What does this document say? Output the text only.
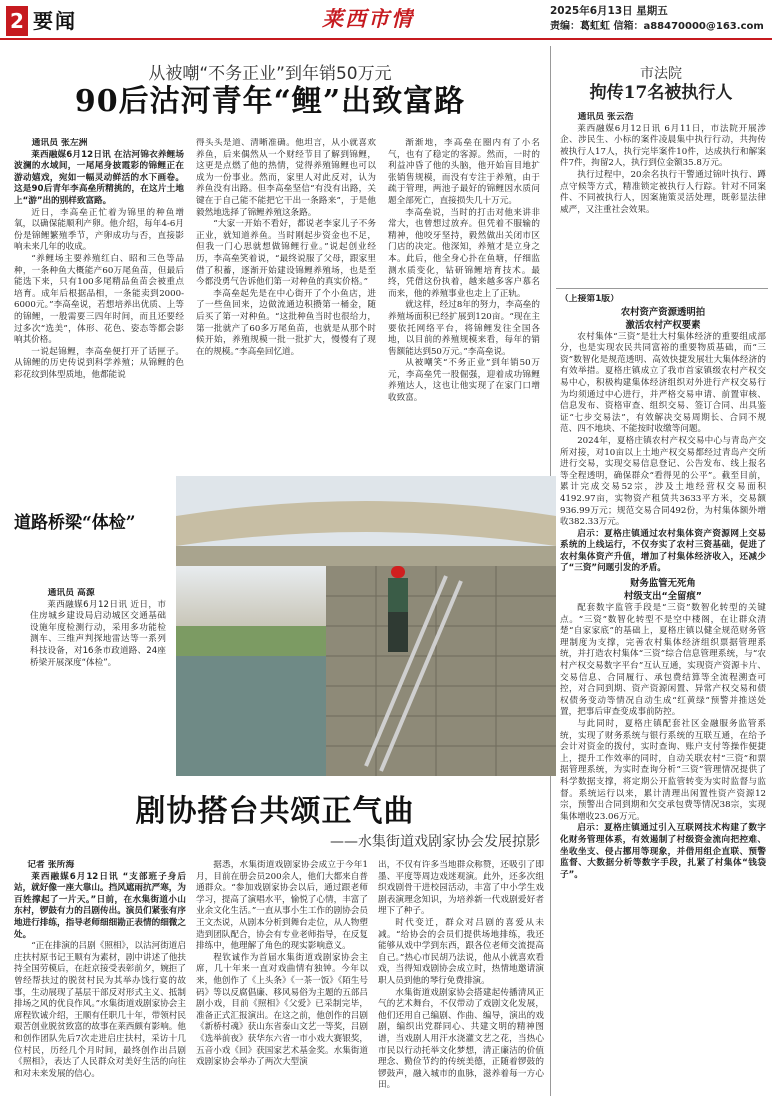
2 要闻	莱西市情	2025年6月13日 星期五
责编：葛虹虹 信箱：a88470000@163.com
从被嘲“不务正业”到年销50万元
90后沽河青年“鲤”出致富路
通讯员 张左洲

莱西融媒6月12日讯 在沽河锦衣养鲤场波澜的水域间，一尾尾身披霞彩的锦鲤正在游动嬉戏，宛如一幅灵动鲜活的水下画卷。这是90后青年李高垒所精挑的，在这片土地上“游”出的别样致富路。

近日，李高垒正忙着为锦里的种鱼增氧，以确保能顺利产卵。他介绍，每年4-6月份是锦鲤繁殖季节，产卵成功与否，直接影响未来几年的收成。

“养鲤场主要养殖红白、昭和三色等品种，一条种鱼大概能产60万尾鱼苗，但最后能选下来，只有100多尾精品鱼苗会被重点培育。成年后根据品相，一条能卖到2000-6000元。”李高垒说，若想培养出优质、上等的锦鲤，一般需要三四年时间，而且还要经过多次“选美”，体形、花色、姿态等都会影响其价格。

一说起锦鲤，李高垒便打开了话匣子。从锦鲤的历史传说到科学养殖；从锦鲤的色彩花纹到体型质地，他都能说

得头头是道、清晰准确。他坦言，从小就喜欢养鱼，后来偶然从一个财经节目了解到锦鲤，这更是点燃了他的热情，觉得养殖锦鲤也可以成为一份事业。然而，家里人对此反对，认为养鱼没有出路。但李高垒坚信“有没有出路，关键在于自己能不能把它干出一条路来”，于是他毅然地选择了锦鲤养殖这条路。

“大家一开始不看好，都说老李家儿子不务正业，就知道养鱼。当时刚起步资金也不足，但我一门心思就想做锦鲤行业。”说起创业经历，李高垒笑着说，“最终说服了父母，跟家里借了积蓄，逐渐开始建设锦鲤养殖场，也是至今都没勇气告诉他们第一对种鱼的真实价格。”

李高垒起先是在中心街开了个小鱼店，进了一些鱼回来，边做流通边积攒第一桶金，随后买了第一对种鱼。“这批种鱼当时也很给力，第一批就产了60多万尾鱼苗，也就是从那个时候开始，养殖规模一批一批扩大，慢慢有了现在的规模。”李高垒回忆道。

渐渐地，李高垒在圈内有了小名气，也有了稳定的客源。然而，一时的利益冲昏了他的头脑，他开始盲目地扩张销售规模，而没有专注于养殖，由于疏于管理，两池子最好的锦鲤因水质问题全部死亡，直接损失几十万元。

李高垒说，当时的打击对他来讲非常大，也曾想过放弃。但凭着不服输的精神，他咬牙坚持，毅然做出关闭市区门店的决定。他深知，养殖才是立身之本。此后，他全身心扑在鱼塘，仔细监测水质变化，钻研锦鲤培育技术。最终，凭借这份执着，越来越多客户慕名而来，他的养殖事业也走上了正轨。

就这样，经过8年的努力，李高垒的养殖场面积已经扩展到120亩。“现在主要依托网络平台，将锦鲤发往全国各地，以目前的养殖规模来看，每年的销售额能达到50万元。”李高垒说。

从被嘲笑“不务正业”到年销50万元，李高垒凭一股倔强，迎着成功锦鲤养殖达人，这也让他实现了在家门口增收致富。

道路桥梁“体检”
通讯员 高源

莱西融媒6月12日讯 近日，市住房城乡建设局启动城区交通基础设施年度检测行动，采用多功能检测车、三维声判探地雷达等一系列科技设备，对16条市政道路、24座桥梁开展深度“体检”。

剧协搭台共颂正气曲
——水集街道戏剧家协会发展掠影
记者 张所海

莱西融媒6月12日讯 “支部班子身后站，就好像一座大靠山。挡风遮雨抗严寒，为百姓撑起了一片天。”日前，在水集街道小山东村，锣鼓有力的吕剧传出。演员们紧张有序地进行排练，指导老师细细勘正表情的细微之处。

“正在排演的吕剧《照相》，以沽河街道启庄扶村原书记王顺有为素材，剧中讲述了他扶持全国劳模后，在赶京接受表彰前夕，婉拒了曾经帮扶过的脱贫村民为其举办饯行宴的故事，生动展现了基层干部反对形式主义、抵制排场之风的优良作风。”水集街道戏剧家协会主席程钦诚介绍，王顺有任职几十年，带领村民艰苦创业脱贫致富的故事在莱西颇有影响。他和创作团队先后7次走进启庄扶村，采访十几位村民，历经几个月时间，最终创作出吕剧《照相》，表达了人民群众对美好生活的向往和对未来发展的信心。

据悉，水集街道戏剧家协会成立于今年1月，目前在册会员200余人，他们大都来自普通群众。“参加戏剧家协会以后，通过跟老师学习，提高了演唱水平，愉悦了心情，丰富了业余文化生活。”一直从事小生工作的剧协会员王文杰说，从剧本分析到舞台走位，从人物塑造到团队配合，协会有专业老师指导，在反复排练中，他理解了角色的现实影响意义。

程钦诚作为首届水集街道戏剧家协会主席，几十年来一直对戏曲情有独钟。今年以来，他创作了《上头条》《一茶一饭》《陌生号码》等以反腐倡廉、移风易俗为主题的五部吕剧小戏，目前《照相》《父爱》已采制完毕，准备正式汇报演出。在这之前，他创作的吕剧《新桥村魂》获山东省泰山文艺一等奖，吕剧《选举前夜》获华东六省一市小戏大赛银奖，五音小戏《回》获国家艺术基金奖。水集街道戏剧家协会举办了两次大型演

出，不仅有许多当地群众称赞，还吸引了即墨、平度等周边戏迷观演。此外，还多次组织戏剧骨干进校园活动，丰富了中小学生戏剧表演理念知识，为培养新一代戏剧爱好者埋下了种子。

时代变迁，群众对吕剧的喜爱从未减。“给协会的会员们提供场地排练，我还能够从戏中学到东西，跟各位老师交流提高自己。”热心市民胡乃法说，他从小就喜欢看戏，当得知戏剧协会成立时，热情地邀请演职人员到他的琴行免费排演。

水集街道戏剧家协会搭建起传播清风正气的艺术舞台，不仅带动了戏剧文化发展，他们还用自己编剧、作曲、编导，演出的戏剧，编织出党群同心、共建文明的精神图谱，当戏剧人用汗水浇灌文艺之花，当热心市民以行动托举文化梦想，清正廉洁的价值理念、勤俭节约的传统美德，正随着锣鼓的锣鼓声，融入城市的血脉，滋养着每一方心田。

市法院
拘传17名被执行人
通讯员 张云浩

莱西融媒6月12日讯 6月11日，市法院开展涉企、涉民生、小标的案件凌晨集中执行行动，共拘传被执行人17人，执行完毕案件10件，达成执行和解案件7件，拘留2人，执行到位金额35.8万元。

执行过程中，20余名执行干警通过锦叶执行、蹲点守候等方式，精准锁定被执行人行踪。针对不同案件、不同被执行人，因案施策灵活处理，既彰显法律威严，又注重社会效果。

（上接第1版）
农村资产资源透明拍
激活农村产权要素

农村集体“三资”是壮大村集体经济的重要组成部分，也是实现农民共同富裕的重要物质基础，而“三资”数智化是规范透明、高效快捷发展壮大集体经济的有效举措。夏格庄镇成立了我市首家镇级农村产权交易中心，积极构建集体经济组织对外进行产权交易行为均须通过中心进行，并严格交易申请、前置审核、信息发布、资格审查、组织交易、签订合同、出具鉴证“七步交易法”，有效解决交易周期长、合同不规范、四不地块、不能按时收缴等问题。

2024年，夏格庄镇农村产权交易中心与青岛产交所对接，对10亩以上土地产权交易都经过青岛产交所进行交易，实现交易信息登记、公告发布、线上报名等全程透明，确保群众“看得见的公平”。截至目前，累计完成交易52宗，涉及土地经营权交易面积4192.97亩，实物资产租赁共3633平方米，交易额936.99万元；规范交易合同492份，为村集体额外增收382.33万元。

启示：夏格庄镇通过农村集体资产资源网上交易系统的上线运行，不仅夯实了农村三资基础，促进了农村集体资产升值，增加了村集体经济收入，还减少了“三资”问题引发的矛盾。

财务监管无死角
村级支出“全留痕”

配套数字监管手段是“三资”数智化转型的关键点。“三资”数智化转型不是空中楼阁，在让群众清楚“自家家底”的基础上，夏格庄镇以健全规范财务管理制度为支撑，完善农村集体经济组织票据管理系统，并打造农村集体“三资”综合信息管理系统，与“农村产权交易数字平台”互认互通，实现资产资源卡片、交易信息、合同履行、承包费结算等全流程溯查可控，对合同到期、资产资源闲置、异常产权交易和债权债务变动等情况自动生成“红黄绿”预警并推送处置，把事后审查变成事前防控。

与此同时，夏格庄镇配套社区金融服务监管系统，实现了财务系统与银行系统的互联互通，在给予会计对资金的拨付，实时查询、账户支付等操作便捷上，提升工作效率的同时，自动关联农村“三资”和票据管理系统，为实时查询分析“三资”管理情况提供了科学数据支撑，将定期公开监管转变为实时监督与监督。系统运行以来，累计清理出闲置性资产资源12宗，预警出合同到期和欠交承包费等情况38宗，实现集体增收23.06万元。

启示：夏格庄镇通过引入互联网技术构建了数字化财务管理体系，有效遏制了村级资金流向把控难、坐收坐支、侵占挪用等现象，并借用组企直联、预警监督、大数据分析等数字手段，扎紧了村集体“钱袋子”。
